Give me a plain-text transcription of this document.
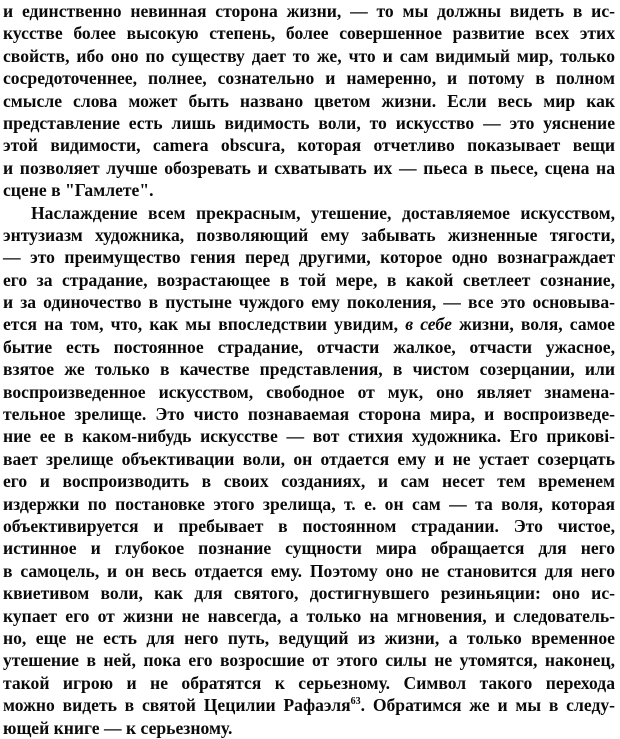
и единственно невинная сторона жизни, — то мы должны видеть в ис-
кусстве более высокую степень, более совершенное развитие всех этих
свойств, ибо оно по существу дает то же, что и сам видимый мир, только
сосредоточеннее, полнее, сознательно и намеренно, и потому в полном
смысле слова может быть названо цветом жизни. Если весь мир как
представление есть лишь видимость воли, то искусство — это уяснение
этой видимости, camera obscura, которая отчетливо показывает вещи
и позволяет лучше обозревать и схватывать их — пьеса в пьесе, сцена на
сцене в "Гамлете".
Наслаждение всем прекрасным, утешение, доставляемое искусством,
энтузиазм художника, позволяющий ему забывать жизненные тягости,
— это преимущество гения перед другими, которое одно вознаграждает
его за страдание, возрастающее в той мере, в какой светлеет сознание,
и за одиночество в пустыне чуждого ему поколения, — все это основыва-
ется на том, что, как мы впоследствии увидим, в себе жизни, воля, самое
бытие есть постоянное страдание, отчасти жалкое, отчасти ужасное,
взятое же только в качестве представления, в чистом созерцании, или
воспроизведенное искусством, свободное от мук, оно являет знамена-
тельное зрелище. Это чисто познаваемая сторона мира, и воспроизведе-
ние ее в каком-нибудь искусстве — вот стихия художника. Его прикові-
вает зрелище объективации воли, он отдается ему и не устает созерцать
его и воспроизводить в своих созданиях, и сам несет тем временем
издержки по постановке этого зрелища, т. е. он сам — та воля, которая
объективируется и пребывает в постоянном страдании. Это чистое,
истинное и глубокое познание сущности мира обращается для него
в самоцель, и он весь отдается ему. Поэтому оно не становится для него
квиетивом воли, как для святого, достигнувшего резиньяции: оно ис-
купает его от жизни не навсегда, а только на мгновения, и следователь-
но, еще не есть для него путь, ведущий из жизни, а только временное
утешение в ней, пока его возросшие от этого силы не утомятся, наконец,
такой игрою и не обратятся к серьезному. Символ такого перехода
можно видеть в святой Цецилии Рафаэля$^{63}$. Обратимся же и мы в следу-
ющей книге — к серьезному.
